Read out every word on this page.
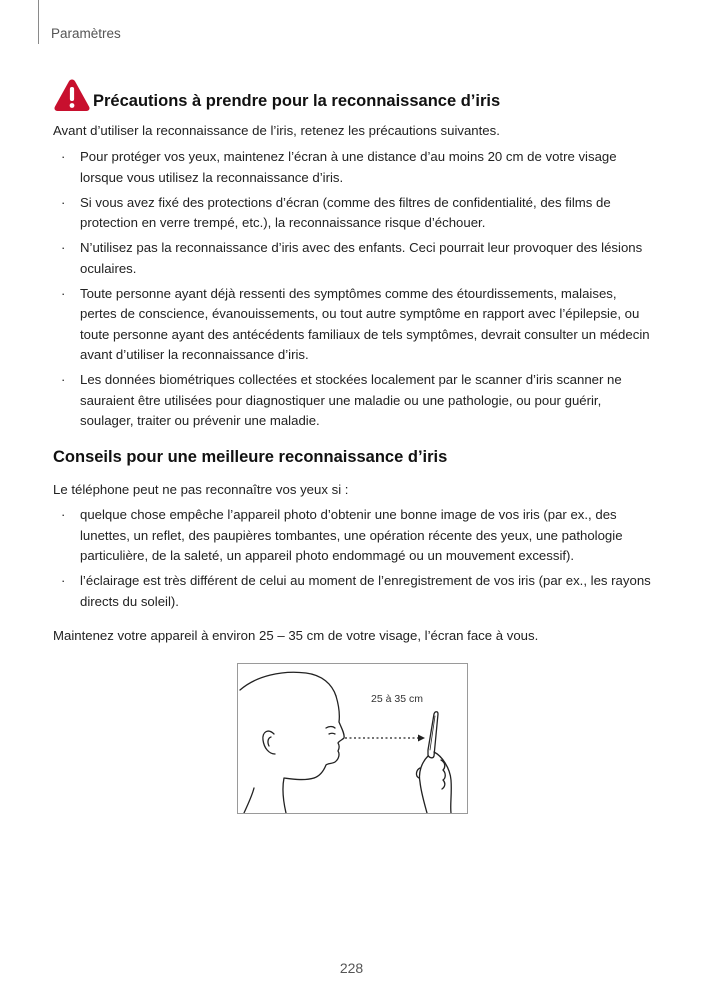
Paramètres
Précautions à prendre pour la reconnaissance d’iris
Avant d’utiliser la reconnaissance de l’iris, retenez les précautions suivantes.
· Pour protéger vos yeux, maintenez l’écran à une distance d’au moins 20 cm de votre visage lorsque vous utilisez la reconnaissance d’iris.
· Si vous avez fixé des protections d’écran (comme des filtres de confidentialité, des films de protection en verre trempé, etc.), la reconnaissance risque d’échouer.
· N’utilisez pas la reconnaissance d’iris avec des enfants. Ceci pourrait leur provoquer des lésions oculaires.
· Toute personne ayant déjà ressenti des symptômes comme des étourdissements, malaises, pertes de conscience, évanouissements, ou tout autre symptôme en rapport avec l’épilepsie, ou toute personne ayant des antécédents familiaux de tels symptômes, devrait consulter un médecin avant d’utiliser la reconnaissance d’iris.
· Les données biométriques collectées et stockées localement par le scanner d’iris scanner ne sauraient être utilisées pour diagnostiquer une maladie ou une pathologie, ou pour guérir, soulager, traiter ou prévenir une maladie.
Conseils pour une meilleure reconnaissance d’iris
Le téléphone peut ne pas reconnaître vos yeux si :
· quelque chose empêche l’appareil photo d’obtenir une bonne image de vos iris (par ex., des lunettes, un reflet, des paupières tombantes, une opération récente des yeux, une pathologie particulière, de la saleté, un appareil photo endommagé ou un mouvement excessif).
· l’éclairage est très différent de celui au moment de l’enregistrement de vos iris (par ex., les rayons directs du soleil).
Maintenez votre appareil à environ 25 – 35 cm de votre visage, l’écran face à vous.
25 à 35 cm
228
